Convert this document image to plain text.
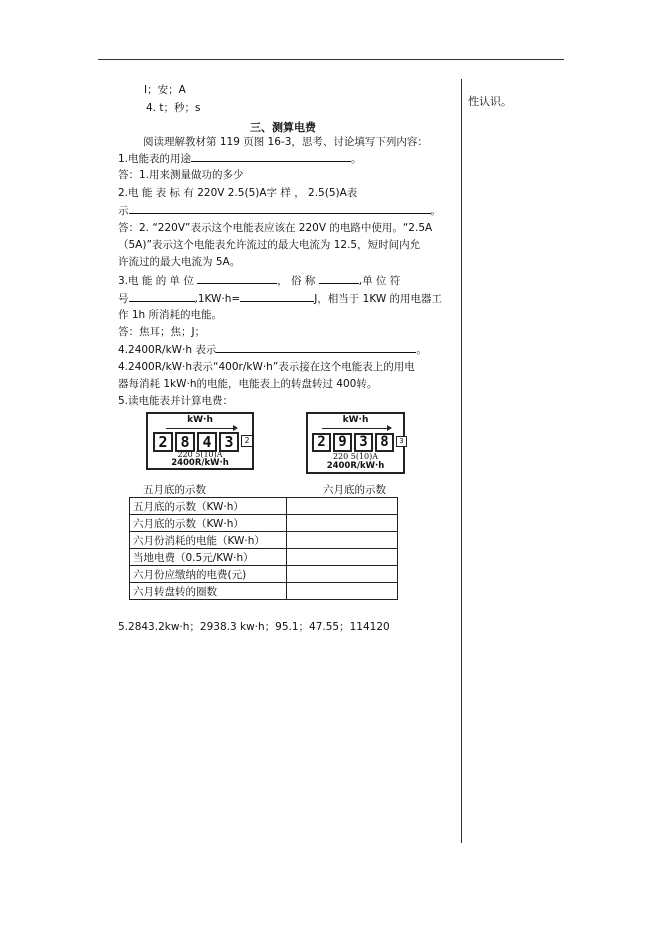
性认识。
I；安；A
4. t；秒；s
三、测算电费
阅读理解教材第 119 页图 16-3，思考、讨论填写下列内容：
1.电能表的用途	。
答：1.用来测量做功的多少
2.电 能 表 标 有 220V 2.5(5)A字 样 ， 2.5(5)A表
示	。
答：2. “220V”表示这个电能表应该在 220V 的电路中使用。“2.5A
（5A)”表示这个电能表允许流过的最大电流为 12.5，短时间内允
许流过的最大电流为 5A。
3.电 能 的 单 位	， 俗 称	,单 位 符
号	,1KW·h=	J，相当于 1KW 的用电器工
作 1h 所消耗的电能。
答：焦耳；焦；J；
4.2400R/kW·h 表示	。
4.2400R/kW·h表示“400r/kW·h”表示接在这个电能表上的用电
器每消耗 1kW·h的电能，电能表上的转盘转过 400转。
5.读电能表并计算电费：
kW·h
2 8 4 3	2
220 5(10)A
2400R/kW·h
kW·h
2 9 3 8	3
220 5(10)A
2400R/kW·h
五月底的示数	六月底的示数
五月底的示数（KW·h）	
六月底的示数（KW·h）	
六月份消耗的电能（KW·h）	
当地电费（0.5元/KW·h）	
六月份应缴纳的电费(元)	
六月转盘转的圈数	
5.2843.2kw·h；2938.3 kw·h；95.1；47.55；114120
